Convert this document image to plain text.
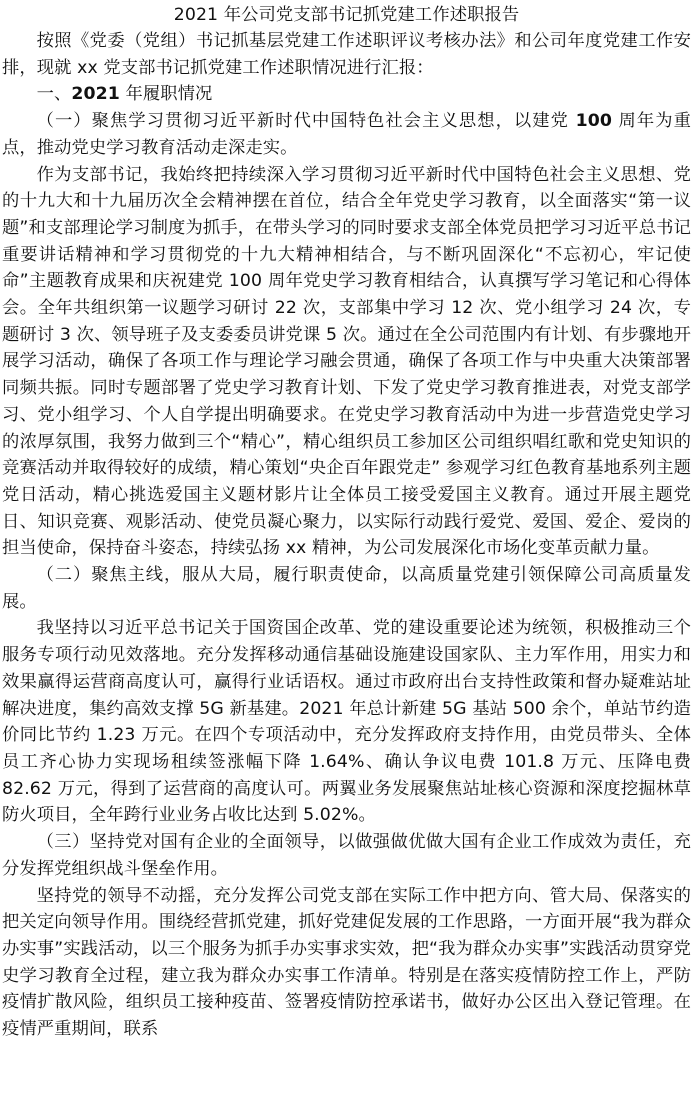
2021 年公司党支部书记抓党建工作述职报告

按照《党委（党组）书记抓基层党建工作述职评议考核办法》和公司年度党建工作安排，现就 xx 党支部书记抓党建工作述职情况进行汇报：

一、2021 年履职情况

（一）聚焦学习贯彻习近平新时代中国特色社会主义思想，以建党 100 周年为重点，推动党史学习教育活动走深走实。

作为支部书记，我始终把持续深入学习贯彻习近平新时代中国特色社会主义思想、党的十九大和十九届历次全会精神摆在首位，结合全年党史学习教育，以全面落实“第一议题”和支部理论学习制度为抓手，在带头学习的同时要求支部全体党员把学习习近平总书记重要讲话精神和学习贯彻党的十九大精神相结合，与不断巩固深化“不忘初心，牢记使命”主题教育成果和庆祝建党 100 周年党史学习教育相结合，认真撰写学习笔记和心得体会。全年共组织第一议题学习研讨 22 次，支部集中学习 12 次、党小组学习 24 次，专题研讨 3 次、领导班子及支委委员讲党课 5 次。通过在全公司范围内有计划、有步骤地开展学习活动，确保了各项工作与理论学习融会贯通，确保了各项工作与中央重大决策部署同频共振。同时专题部署了党史学习教育计划、下发了党史学习教育推进表，对党支部学习、党小组学习、个人自学提出明确要求。在党史学习教育活动中为进一步营造党史学习的浓厚氛围，我努力做到三个“精心”，精心组织员工参加区公司组织唱红歌和党史知识的竞赛活动并取得较好的成绩，精心策划“央企百年跟党走” 参观学习红色教育基地系列主题党日活动，精心挑选爱国主义题材影片让全体员工接受爱国主义教育。通过开展主题党日、知识竞赛、观影活动、使党员凝心聚力，以实际行动践行爱党、爱国、爱企、爱岗的担当使命，保持奋斗姿态，持续弘扬 xx 精神，为公司发展深化市场化变革贡献力量。

（二）聚焦主线，服从大局，履行职责使命，以高质量党建引领保障公司高质量发展。

我坚持以习近平总书记关于国资国企改革、党的建设重要论述为统领，积极推动三个服务专项行动见效落地。充分发挥移动通信基础设施建设国家队、主力军作用，用实力和效果赢得运营商高度认可，赢得行业话语权。通过市政府出台支持性政策和督办疑难站址解决进度，集约高效支撑 5G 新基建。2021 年总计新建 5G 基站 500 余个，单站节约造价同比节约 1.23 万元。在四个专项活动中，充分发挥政府支持作用，由党员带头、全体员工齐心协力实现场租续签涨幅下降 1.64%、确认争议电费 101.8 万元、压降电费 82.62 万元，得到了运营商的高度认可。两翼业务发展聚焦站址核心资源和深度挖掘林草防火项目，全年跨行业业务占收比达到 5.02%。

（三）坚持党对国有企业的全面领导，以做强做优做大国有企业工作成效为责任，充分发挥党组织战斗堡垒作用。

坚持党的领导不动摇，充分发挥公司党支部在实际工作中把方向、管大局、保落实的把关定向领导作用。围绕经营抓党建，抓好党建促发展的工作思路，一方面开展“我为群众办实事”实践活动，以三个服务为抓手办实事求实效，把“我为群众办实事”实践活动贯穿党史学习教育全过程，建立我为群众办实事工作清单。特别是在落实疫情防控工作上，严防疫情扩散风险，组织员工接种疫苗、签署疫情防控承诺书，做好办公区出入登记管理。在疫情严重期间，联系
